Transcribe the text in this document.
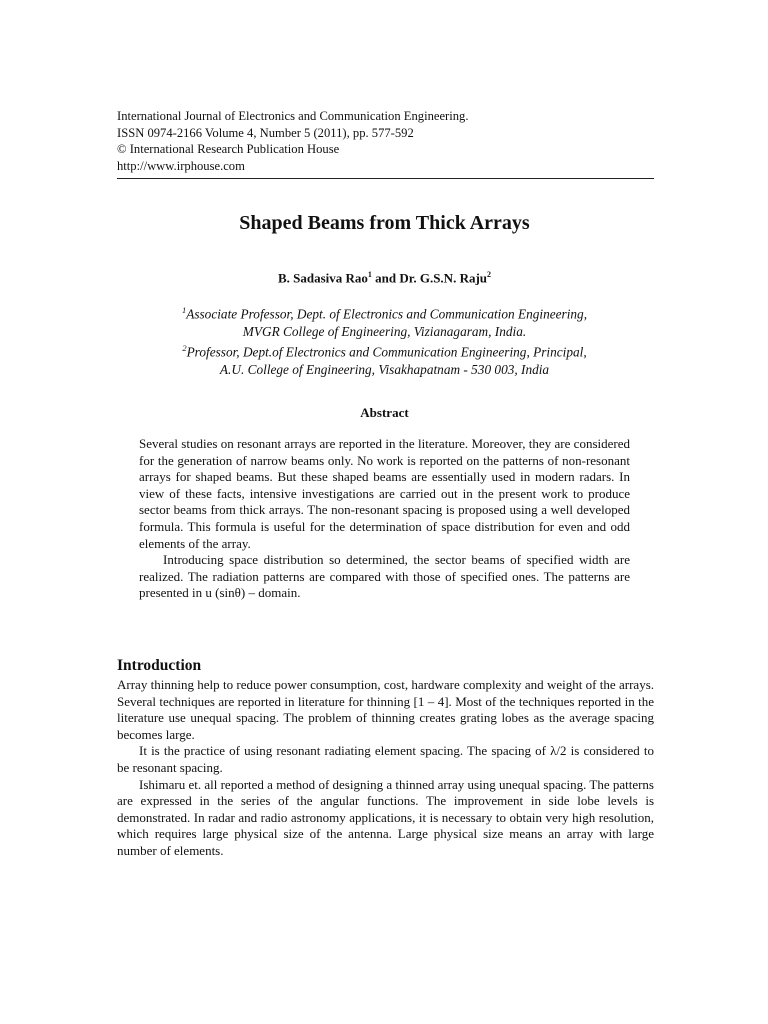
International Journal of Electronics and Communication Engineering.
ISSN 0974-2166 Volume 4, Number 5 (2011), pp. 577-592
© International Research Publication House
http://www.irphouse.com
Shaped Beams from Thick Arrays
B. Sadasiva Rao$^1$ and Dr. G.S.N. Raju$^2$
$^1$Associate Professor, Dept. of Electronics and Communication Engineering,
MVGR College of Engineering, Vizianagaram, India.
$^2$Professor, Dept.of Electronics and Communication Engineering, Principal,
A.U. College of Engineering, Visakhapatnam - 530 003, India
Abstract

Several studies on resonant arrays are reported in the literature. Moreover, they are considered for the generation of narrow beams only. No work is reported on the patterns of non-resonant arrays for shaped beams. But these shaped beams are essentially used in modern radars. In view of these facts, intensive investigations are carried out in the present work to produce sector beams from thick arrays. The non-resonant spacing is proposed using a well developed formula. This formula is useful for the determination of space distribution for even and odd elements of the array.

Introducing space distribution so determined, the sector beams of specified width are realized. The radiation patterns are compared with those of specified ones. The patterns are presented in u (sinθ) – domain.

Introduction

Array thinning help to reduce power consumption, cost, hardware complexity and weight of the arrays. Several techniques are reported in literature for thinning [1 – 4]. Most of the techniques reported in the literature use unequal spacing. The problem of thinning creates grating lobes as the average spacing becomes large.

It is the practice of using resonant radiating element spacing. The spacing of λ/2 is considered to be resonant spacing.

Ishimaru et. all reported a method of designing a thinned array using unequal spacing. The patterns are expressed in the series of the angular functions. The improvement in side lobe levels is demonstrated. In radar and radio astronomy applications, it is necessary to obtain very high resolution, which requires large physical size of the antenna. Large physical size means an array with large number of elements.
